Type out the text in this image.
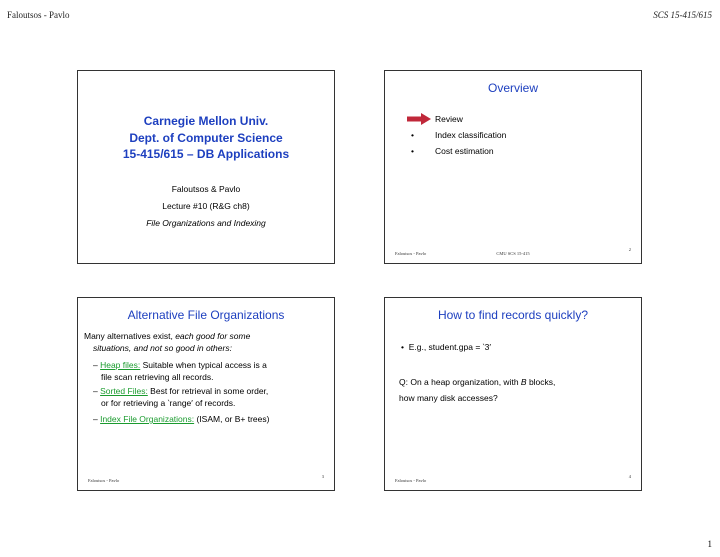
Faloutsos - Pavlo	SCS 15-415/615
Carnegie Mellon Univ.
Dept. of Computer Science
15-415/615 – DB Applications
Faloutsos & Pavlo
Lecture #10 (R&G ch8)
File Organizations and Indexing
Overview
Review
•	Index classification
•	Cost estimation
Faloutsos - Pavlo	CMU SCS 15-415
2
Alternative File Organizations
Many alternatives exist, each good for some
situations, and not so good in others:
– Heap files: Suitable when typical access is a
file scan retrieving all records.
– Sorted Files: Best for retrieval in some order,
or for retrieving a ‵range′ of records.
– Index File Organizations: (ISAM, or B+ trees)
Faloutsos - Pavlo
3
How to find records quickly?
•  E.g., student.gpa = ‵3′
Q: On a heap organization, with B blocks,
how many disk accesses?
Faloutsos - Pavlo
4
1
